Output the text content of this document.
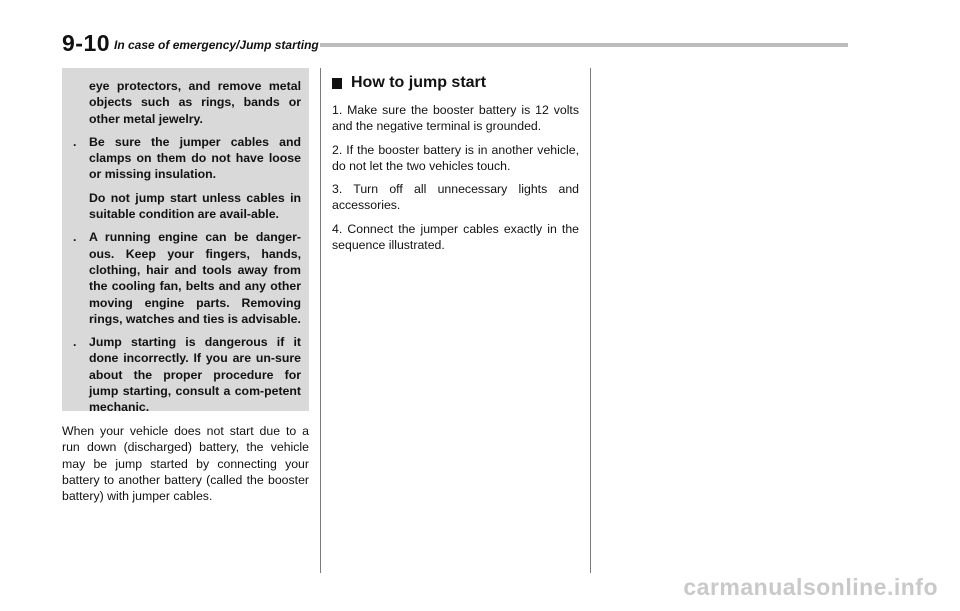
9-10 In case of emergency/Jump starting
eye protectors, and remove metal objects such as rings, bands or other metal jewelry.
. Be sure the jumper cables and clamps on them do not have loose or missing insulation.
Do not jump start unless cables in suitable condition are avail-able.
. A running engine can be danger-ous. Keep your fingers, hands, clothing, hair and tools away from the cooling fan, belts and any other moving engine parts. Removing rings, watches and ties is advisable.
. Jump starting is dangerous if it done incorrectly. If you are un-sure about the proper procedure for jump starting, consult a com-petent mechanic.
When your vehicle does not start due to a run down (discharged) battery, the vehicle may be jump started by connecting your battery to another battery (called the booster battery) with jumper cables.
How to jump start
1. Make sure the booster battery is 12 volts and the negative terminal is grounded.
2. If the booster battery is in another vehicle, do not let the two vehicles touch.
3. Turn off all unnecessary lights and accessories.
4. Connect the jumper cables exactly in the sequence illustrated.
carmanualsonline.info
